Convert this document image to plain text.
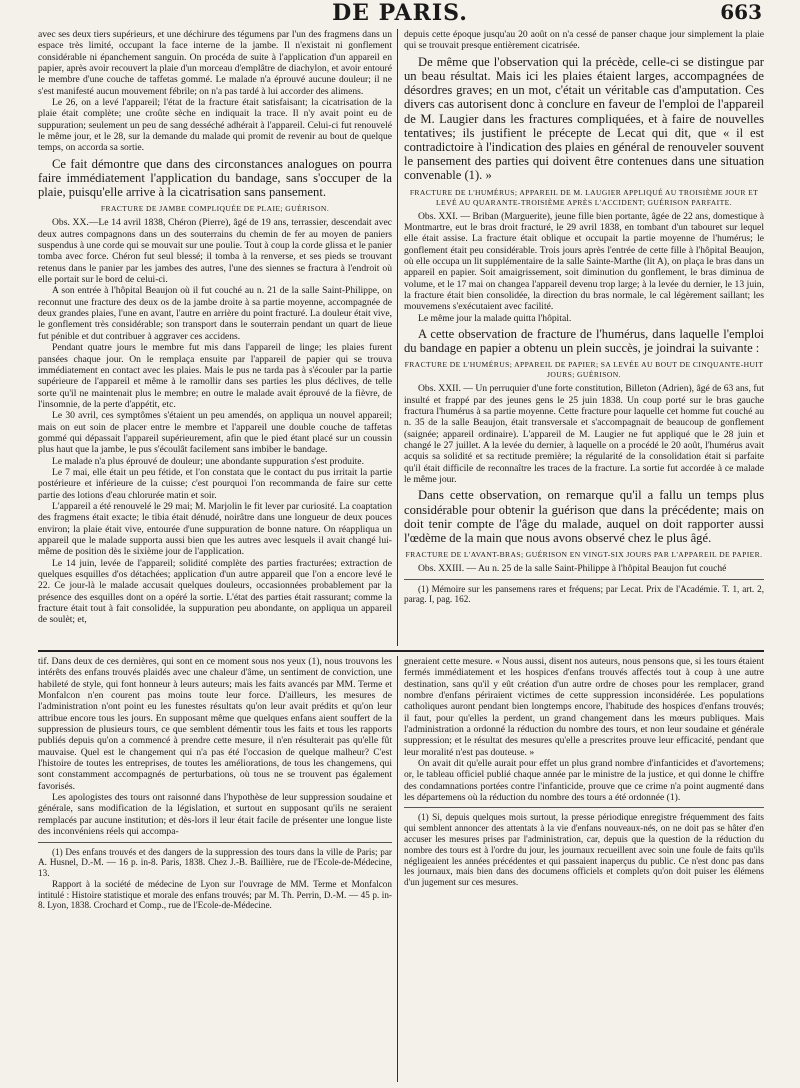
DE PARIS.	663

avec ses deux tiers supérieurs, et une déchirure des tégumens par l'un des fragmens dans un espace très limité, occupant la face interne de la jambe. Il n'existait ni gonflement considérable ni épanchement sanguin. On procéda de suite à l'application d'un appareil en papier, après avoir recouvert la plaie d'un morceau d'emplâtre de diachylon, et avoir entouré le membre d'une couche de taffetas gommé. Le malade n'a éprouvé aucune douleur; il ne s'est manifesté aucun mouvement fébrile; on n'a pas tardé à lui accorder des alimens.

Le 26, on a levé l'appareil; l'état de la fracture était satisfaisant; la cicatrisation de la plaie était complète; une croûte sèche en indiquait la trace. Il n'y avait point eu de suppuration; seulement un peu de sang desséché adhérait à l'appareil. Celui-ci fut renouvelé le même jour, et le 28, sur la demande du malade qui promit de revenir au bout de quelque temps, on accorda sa sortie.

Ce fait démontre que dans des circonstances analogues on pourra faire immédiatement l'application du bandage, sans s'occuper de la plaie, puisqu'elle arrive à la cicatrisation sans pansement.

FRACTURE DE JAMBE COMPLIQUÉE DE PLAIE; GUÉRISON.

Obs. XX.—Le 14 avril 1838, Chéron (Pierre), âgé de 19 ans, terrassier, descendait avec deux autres compagnons dans un des souterrains du chemin de fer au moyen de paniers suspendus à une corde qui se mouvait sur une poulie. Tout à coup la corde glissa et le panier tomba avec force. Chéron fut seul blessé; il tomba à la renverse, et ses pieds se trouvant retenus dans le panier par les jambes des autres, l'une des siennes se fractura à l'endroit où elle portait sur le bord de celui-ci.

A son entrée à l'hôpital Beaujon où il fut couché au n. 21 de la salle Saint-Philippe, on reconnut une fracture des deux os de la jambe droite à sa partie moyenne, accompagnée de deux grandes plaies, l'une en avant, l'autre en arrière du point fracturé. La douleur était vive, le gonflement très considérable; son transport dans le souterrain pendant un quart de lieue fut pénible et dut contribuer à aggraver ces accidens.

Pendant quatre jours le membre fut mis dans l'appareil de linge; les plaies furent pansées chaque jour. On le remplaça ensuite par l'appareil de papier qui se trouva immédiatement en contact avec les plaies. Mais le pus ne tarda pas à s'écouler par la partie supérieure de l'appareil et même à le ramollir dans ses parties les plus déclives, de telle sorte qu'il ne maintenait plus le membre; en outre le malade avait éprouvé de la fièvre, de l'insomnie, de la perte d'appétit, etc.

Le 30 avril, ces symptômes s'étaient un peu amendés, on appliqua un nouvel appareil; mais on eut soin de placer entre le membre et l'appareil une double couche de taffetas gommé qui dépassait l'appareil supérieurement, afin que le pied étant placé sur un coussin plus haut que la jambe, le pus s'écoulât facilement sans imbiber le bandage.

Le malade n'a plus éprouvé de douleur; une abondante suppuration s'est produite.

Le 7 mai, elle était un peu fétide, et l'on constata que le contact du pus irritait la partie postérieure et inférieure de la cuisse; c'est pourquoi l'on recommanda de faire sur cette partie des lotions d'eau chlorurée matin et soir.

L'appareil a été renouvelé le 29 mai; M. Marjolin le fit lever par curiosité. La coaptation des fragmens était exacte; le tibia était dénudé, noirâtre dans une longueur de deux pouces environ; la plaie était vive, entourée d'une suppuration de bonne nature. On réappliqua un appareil que le malade supporta aussi bien que les autres avec lesquels il avait changé lui-même de position dès le sixième jour de l'application.

Le 14 juin, levée de l'appareil; solidité complète des parties fracturées; extraction de quelques esquilles d'os détachées; application d'un autre appareil que l'on a encore levé le 22. Ce jour-là le malade accusait quelques douleurs, occasionnées probablement par la présence des esquilles dont on a opéré la sortie. L'état des parties était rassurant; comme la fracture était tout à fait consolidée, la suppuration peu abondante, on appliqua un appareil de soulèt; et,

depuis cette époque jusqu'au 20 août on n'a cessé de panser chaque jour simplement la plaie qui se trouvait presque entièrement cicatrisée.

De même que l'observation qui la précède, celle-ci se distingue par un beau résultat. Mais ici les plaies étaient larges, accompagnées de désordres graves; en un mot, c'était un véritable cas d'amputation. Ces divers cas autorisent donc à conclure en faveur de l'emploi de l'appareil de M. Laugier dans les fractures compliquées, et à faire de nouvelles tentatives; ils justifient le précepte de Lecat qui dit, que « il est contradictoire à l'indication des plaies en général de renouveler souvent le pansement des parties qui doivent être contenues dans une situation convenable (1). »

FRACTURE DE L'HUMÉRUS; APPAREIL DE M. LAUGIER APPLIQUÉ AU TROISIÈME JOUR ET LEVÉ AU QUARANTE-TROISIÈME APRÈS L'ACCIDENT; GUÉRISON PARFAITE.

Obs. XXI. — Briban (Marguerite), jeune fille bien portante, âgée de 22 ans, domestique à Montmartre, eut le bras droit fracturé, le 29 avril 1838, en tombant d'un tabouret sur lequel elle était assise. La fracture était oblique et occupait la partie moyenne de l'humérus; le gonflement était peu considérable. Trois jours après l'entrée de cette fille à l'hôpital Beaujon, où elle occupa un lit supplémentaire de la salle Sainte-Marthe (lit A), on plaça le bras dans un appareil en papier. Soit amaigrissement, soit diminution du gonflement, le bras diminua de volume, et le 17 mai on changea l'appareil devenu trop large; à la levée du dernier, le 13 juin, la fracture était bien consolidée, la direction du bras normale, le cal légèrement saillant; les mouvemens s'exécutaient avec facilité.

Le même jour la malade quitta l'hôpital.

A cette observation de fracture de l'humérus, dans laquelle l'emploi du bandage en papier a obtenu un plein succès, je joindrai la suivante :

FRACTURE DE L'HUMÉRUS; APPAREIL DE PAPIER; SA LEVÉE AU BOUT DE CINQUANTE-HUIT JOURS; GUÉRISON.

Obs. XXII. — Un perruquier d'une forte constitution, Billeton (Adrien), âgé de 63 ans, fut insulté et frappé par des jeunes gens le 25 juin 1838. Un coup porté sur le bras gauche fractura l'humérus à sa partie moyenne. Cette fracture pour laquelle cet homme fut couché au n. 35 de la salle Beaujon, était transversale et s'accompagnait de beaucoup de gonflement (saignée; appareil ordinaire). L'appareil de M. Laugier ne fut appliqué que le 28 juin et changé le 27 juillet. A la levée du dernier, à laquelle on a procédé le 20 août, l'humérus avait acquis sa solidité et sa rectitude première; la régularité de la consolidation était si parfaite qu'il était difficile de reconnaître les traces de la fracture. La sortie fut accordée à ce malade le même jour.

Dans cette observation, on remarque qu'il a fallu un temps plus considérable pour obtenir la guérison que dans la précédente; mais on doit tenir compte de l'âge du malade, auquel on doit rapporter aussi l'œdème de la main que nous avons observé chez le plus âgé.

FRACTURE DE L'AVANT-BRAS; GUÉRISON EN VINGT-SIX JOURS PAR L'APPAREIL DE PAPIER.

Obs. XXIII. — Au n. 25 de la salle Saint-Philippe à l'hôpital Beaujon fut couché

(1) Mémoire sur les pansemens rares et fréquens; par Lecat. Prix de l'Académie. T. 1, art. 2, parag. I, pag. 162.

tif. Dans deux de ces dernières, qui sont en ce moment sous nos yeux (1), nous trouvons les intérêts des enfans trouvés plaidés avec une chaleur d'âme, un sentiment de conviction, une habileté de style, qui font honneur à leurs auteurs; mais les faits avancés par MM. Terme et Monfalcon n'en courent pas moins toute leur force. D'ailleurs, les mesures de l'administration n'ont point eu les funestes résultats qu'on leur avait prédits et qu'on leur attribue encore tous les jours. En supposant même que quelques enfans aient souffert de la suppression de plusieurs tours, ce que semblent démentir tous les faits et tous les rapports publiés depuis qu'on a commencé à prendre cette mesure, il n'en résulterait pas qu'elle fût mauvaise. Quel est le changement qui n'a pas été l'occasion de quelque malheur? C'est l'histoire de toutes les entreprises, de toutes les améliorations, de tous les changemens, qui sont constamment accompagnés de perturbations, où tous ne se trouvent pas également favorisés.

Les apologistes des tours ont raisonné dans l'hypothèse de leur suppression soudaine et générale, sans modification de la législation, et surtout en supposant qu'ils ne seraient remplacés par aucune institution; et dès-lors il leur était facile de présenter une longue liste des inconvéniens réels qui accompa-

(1) Des enfans trouvés et des dangers de la suppression des tours dans la ville de Paris; par A. Husnel, D.-M. — 16 p. in-8. Paris, 1838. Chez J.-B. Baillière, rue de l'Ecole-de-Médecine, 13.

Rapport à la société de médecine de Lyon sur l'ouvrage de MM. Terme et Monfalcon intitulé : Histoire statistique et morale des enfans trouvés; par M. Th. Perrin, D.-M. — 45 p. in-8. Lyon, 1838. Crochard et Comp., rue de l'Ecole-de-Médecine.

gneraient cette mesure. « Nous aussi, disent nos auteurs, nous pensons que, si les tours étaient fermés immédiatement et les hospices d'enfans trouvés affectés tout à coup à une autre destination, sans qu'il y eût création d'un autre ordre de choses pour les remplacer, grand nombre d'enfans périraient victimes de cette suppression inconsidérée. Les populations catholiques auront pendant bien longtemps encore, l'habitude des hospices d'enfans trouvés; il faut, pour qu'elles la perdent, un grand changement dans les mœurs publiques. Mais l'administration a ordonné la réduction du nombre des tours, et non leur soudaine et générale suppression; et le résultat des mesures qu'elle a prescrites prouve leur efficacité, pendant que leur moralité n'est pas douteuse. »

On avait dit qu'elle aurait pour effet un plus grand nombre d'infanticides et d'avortemens; or, le tableau officiel publié chaque année par le ministre de la justice, et qui donne le chiffre des condamnations portées contre l'infanticide, prouve que ce crime n'a point augmenté dans les départemens où la réduction du nombre des tours a été ordonnée (1).

(1) Si, depuis quelques mois surtout, la presse périodique enregistre fréquemment des faits qui semblent annoncer des attentats à la vie d'enfans nouveaux-nés, on ne doit pas se hâter d'en accuser les mesures prises par l'administration, car, depuis que la question de la réduction du nombre des tours est à l'ordre du jour, les journaux recueillent avec soin une foule de faits qu'ils négligeaient les années précédentes et qui passaient inaperçus du public. Ce n'est donc pas dans les journaux, mais bien dans des documens officiels et complets qu'on doit puiser les élémens d'un jugement sur ces mesures.
